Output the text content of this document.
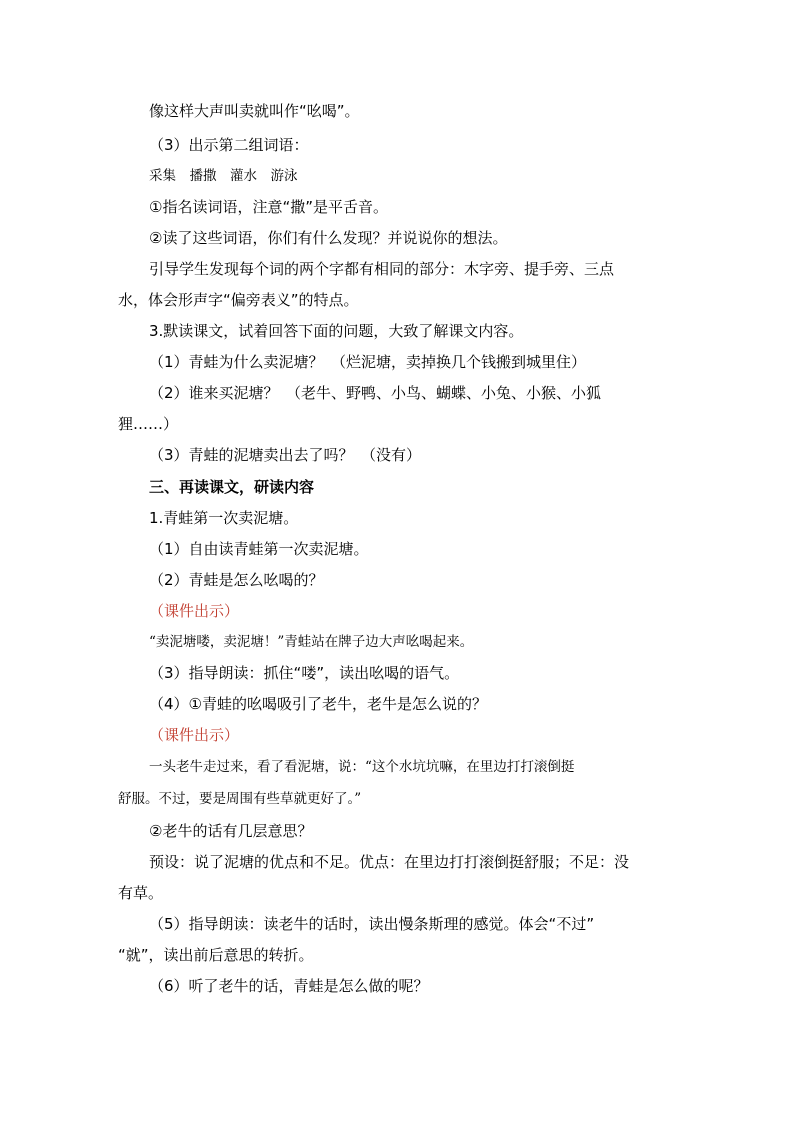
像这样大声叫卖就叫作“吆喝”。
（3）出示第二组词语：
采集　播撒　灌水　游泳
①指名读词语，注意“撒”是平舌音。
②读了这些词语，你们有什么发现？并说说你的想法。
引导学生发现每个词的两个字都有相同的部分：木字旁、提手旁、三点
水，体会形声字“偏旁表义”的特点。
3.默读课文，试着回答下面的问题，大致了解课文内容。
（1）青蛙为什么卖泥塘？　（烂泥塘，卖掉换几个钱搬到城里住）
（2）谁来买泥塘？　（老牛、野鸭、小鸟、蝴蝶、小兔、小猴、小狐
狸……）
（3）青蛙的泥塘卖出去了吗？　（没有）
三、再读课文，研读内容
1.青蛙第一次卖泥塘。
（1）自由读青蛙第一次卖泥塘。
（2）青蛙是怎么吆喝的？
（课件出示）
“卖泥塘喽，卖泥塘！”青蛙站在牌子边大声吆喝起来。
（3）指导朗读：抓住“喽”，读出吆喝的语气。
（4）①青蛙的吆喝吸引了老牛，老牛是怎么说的？
（课件出示）
一头老牛走过来，看了看泥塘，说：“这个水坑坑嘛，在里边打打滚倒挺
舒服。不过，要是周围有些草就更好了。”
②老牛的话有几层意思？
预设：说了泥塘的优点和不足。优点：在里边打打滚倒挺舒服；不足：没
有草。
（5）指导朗读：读老牛的话时，读出慢条斯理的感觉。体会“不过”
“就”，读出前后意思的转折。
（6）听了老牛的话，青蛙是怎么做的呢？
